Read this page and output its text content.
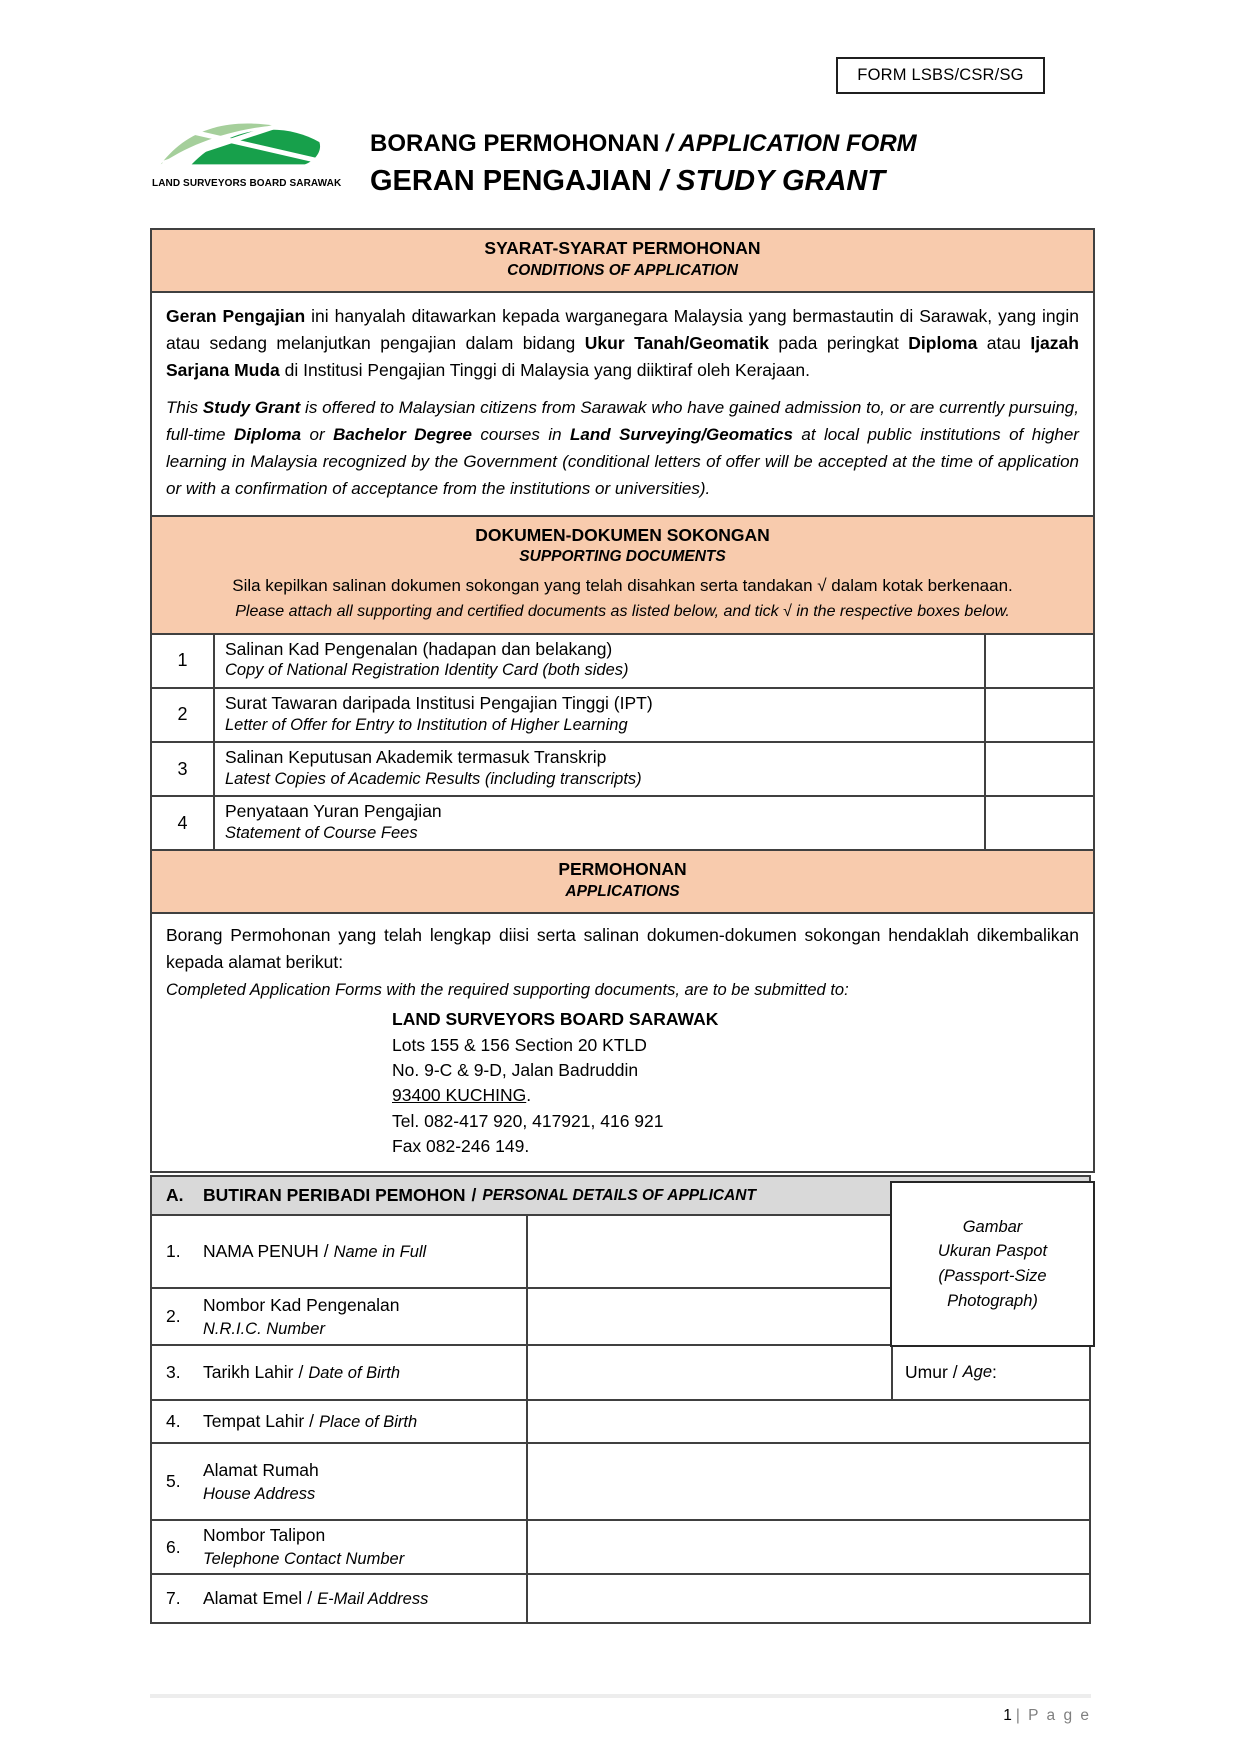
FORM LSBS/CSR/SG
LAND SURVEYORS BOARD SARAWAK
BORANG PERMOHONAN / APPLICATION FORM
GERAN PENGAJIAN / STUDY GRANT
SYARAT-SYARAT PERMOHONAN
CONDITIONS OF APPLICATION
Geran Pengajian ini hanyalah ditawarkan kepada warganegara Malaysia yang bermastautin di Sarawak, yang ingin atau sedang melanjutkan pengajian dalam bidang Ukur Tanah/Geomatik pada peringkat Diploma atau Ijazah Sarjana Muda di Institusi Pengajian Tinggi di Malaysia yang diiktiraf oleh Kerajaan.
This Study Grant is offered to Malaysian citizens from Sarawak who have gained admission to, or are currently pursuing, full-time Diploma or Bachelor Degree courses in Land Surveying/Geomatics at local public institutions of higher learning in Malaysia recognized by the Government (conditional letters of offer will be accepted at the time of application or with a confirmation of acceptance from the institutions or universities).
DOKUMEN-DOKUMEN SOKONGAN
SUPPORTING DOCUMENTS
Sila kepilkan salinan dokumen sokongan yang telah disahkan serta tandakan √ dalam kotak berkenaan.
Please attach all supporting and certified documents as listed below, and tick √ in the respective boxes below.
1
Salinan Kad Pengenalan (hadapan dan belakang)
Copy of National Registration Identity Card (both sides)
2
Surat Tawaran daripada Institusi Pengajian Tinggi (IPT)
Letter of Offer for Entry to Institution of Higher Learning
3
Salinan Keputusan Akademik termasuk Transkrip
Latest Copies of Academic Results (including transcripts)
4
Penyataan Yuran Pengajian
Statement of Course Fees
PERMOHONAN
APPLICATIONS
Borang Permohonan yang telah lengkap diisi serta salinan dokumen-dokumen sokongan hendaklah dikembalikan kepada alamat berikut:
Completed Application Forms with the required supporting documents, are to be submitted to:
LAND SURVEYORS BOARD SARAWAK
Lots 155 & 156 Section 20 KTLD
No. 9-C & 9-D, Jalan Badruddin
93400 KUCHING.
Tel. 082-417 920, 417921, 416 921
Fax 082-246 149.
A.	BUTIRAN PERIBADI PEMOHON / PERSONAL DETAILS OF APPLICANT
Gambar
Ukuran Paspot
(Passport-Size
Photograph)
1.	NAMA PENUH / Name in Full
2.
Nombor Kad Pengenalan
N.R.I.C. Number
3.	Tarikh Lahir / Date of Birth	Umur / Age :
4.	Tempat Lahir / Place of Birth
5.
Alamat Rumah
House Address
6.
Nombor Talipon
Telephone Contact Number
7.	Alamat Emel / E-Mail Address
1 | P a g e
